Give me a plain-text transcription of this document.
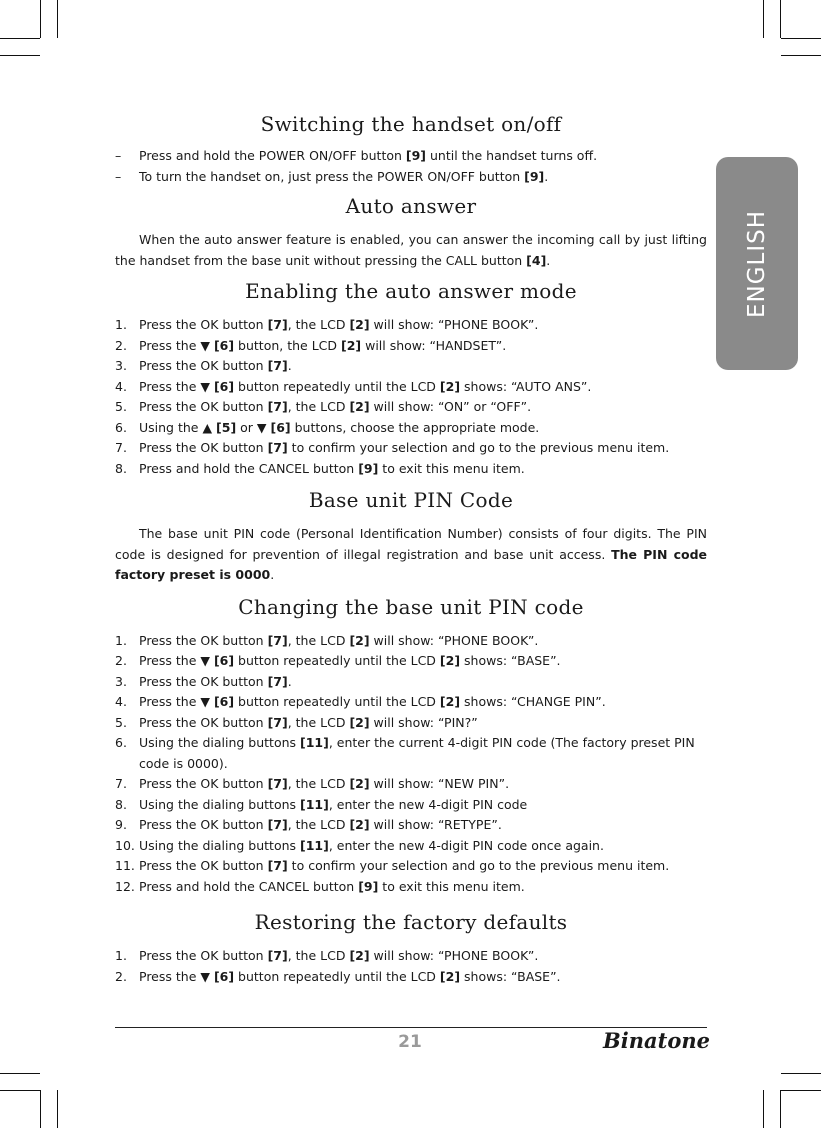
ENGLISH
Switching the handset on/off
– Press and hold the POWER ON/OFF button [9] until the handset turns off.
– To turn the handset on, just press the POWER ON/OFF button [9].
Auto answer

When the auto answer feature is enabled, you can answer the incoming call by just lifting the handset from the base unit without pressing the CALL button [4].

Enabling the auto answer mode
1. Press the OK button [7], the LCD [2] will show: “PHONE BOOK”.
2. Press the ▼ [6] button, the LCD [2] will show: “HANDSET”.
3. Press the OK button [7].
4. Press the ▼ [6] button repeatedly until the LCD [2] shows: “AUTO ANS”.
5. Press the OK button [7], the LCD [2] will show: “ON” or “OFF”.
6. Using the ▲ [5] or ▼ [6] buttons, choose the appropriate mode.
7. Press the OK button [7] to confirm your selection and go to the previous menu item.
8. Press and hold the CANCEL button [9] to exit this menu item.
Base unit PIN Code

The base unit PIN code (Personal Identification Number) consists of four digits. The PIN code is designed for prevention of illegal registration and base unit access. The PIN code factory preset is 0000.

Changing the base unit PIN code
1. Press the OK button [7], the LCD [2] will show: “PHONE BOOK”.
2. Press the ▼ [6] button repeatedly until the LCD [2] shows: “BASE”.
3. Press the OK button [7].
4. Press the ▼ [6] button repeatedly until the LCD [2] shows: “CHANGE PIN”.
5. Press the OK button [7], the LCD [2] will show: “PIN?”
6. Using the dialing buttons [11], enter the current 4-digit PIN code (The factory preset PIN code is 0000).
7. Press the OK button [7], the LCD [2] will show: “NEW PIN”.
8. Using the dialing buttons [11], enter the new 4-digit PIN code
9. Press the OK button [7], the LCD [2] will show: “RETYPE”.
10. Using the dialing buttons [11], enter the new 4-digit PIN code once again.
11. Press the OK button [7] to confirm your selection and go to the previous menu item.
12. Press and hold the CANCEL button [9] to exit this menu item.
Restoring the factory defaults
1. Press the OK button [7], the LCD [2] will show: “PHONE BOOK”.
2. Press the ▼ [6] button repeatedly until the LCD [2] shows: “BASE”.
21	Binatone
